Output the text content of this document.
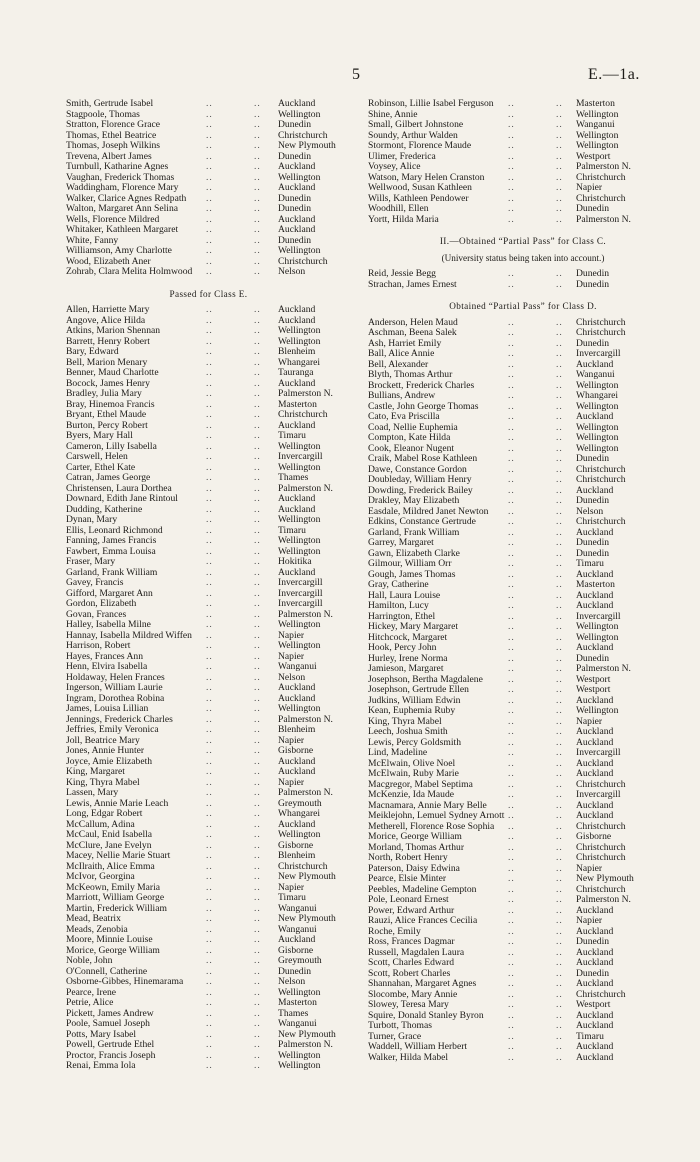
5	E.—1a.
Smith, Gertrude Isabel	..	.. Auckland
Stagpoole, Thomas	..	.. Wellington
Stratton, Florence Grace	..	.. Dunedin
Thomas, Ethel Beatrice	..	.. Christchurch
Thomas, Joseph Wilkins	..	.. New Plymouth
Trevena, Albert James	..	.. Dunedin
Turnbull, Katharine Agnes	..	.. Auckland
Vaughan, Frederick Thomas	..	.. Wellington
Waddingham, Florence Mary	..	.. Auckland
Walker, Clarice Agnes Redpath ..	.. Dunedin
Walton, Margaret Ann Selina	..	.. Dunedin
Wells, Florence Mildred	..	.. Auckland
Whitaker, Kathleen Margaret	..	.. Auckland
White, Fanny	..	.. Dunedin
Williamson, Amy Charlotte	..	.. Wellington
Wood, Elizabeth Aner	..	.. Christchurch
Zohrab, Clara Melita Holmwood ..	.. Nelson
Passed for Class E.
Allen, Harriette Mary	..	.. Auckland
Angove, Alice Hilda	..	.. Auckland
Atkins, Marion Shennan	..	.. Wellington
Barrett, Henry Robert	..	.. Wellington
Bary, Edward	..	.. Blenheim
Bell, Marion Menary	..	.. Whangarei
Benner, Maud Charlotte	..	.. Tauranga
Bocock, James Henry	..	.. Auckland
Bradley, Julia Mary	..	.. Palmerston N.
Bray, Hinemoa Francis	..	.. Masterton
Bryant, Ethel Maude	..	.. Christchurch
Burton, Percy Robert	..	.. Auckland
Byers, Mary Hall	..	.. Timaru
Cameron, Lilly Isabella	..	.. Wellington
Carswell, Helen	..	.. Invercargill
Carter, Ethel Kate	..	.. Wellington
Catran, James George	..	.. Thames
Christensen, Laura Dorthea	..	.. Palmerston N.
Downard, Edith Jane Rintoul	..	.. Auckland
Dudding, Katherine	..	.. Auckland
Dynan, Mary	..	.. Wellington
Ellis, Leonard Richmond	..	.. Timaru
Fanning, James Francis	..	.. Wellington
Fawbert, Emma Louisa	..	.. Wellington
Fraser, Mary	..	.. Hokitika
Garland, Frank William	..	.. Auckland
Gavey, Francis	..	.. Invercargill
Gifford, Margaret Ann	..	.. Invercargill
Gordon, Elizabeth	..	.. Invercargill
Govan, Frances	..	.. Palmerston N.
Halley, Isabella Milne	..	.. Wellington
Hannay, Isabella Mildred Wiffen ..	.. Napier
Harrison, Robert	..	.. Wellington
Hayes, Frances Ann	..	.. Napier
Henn, Elvira Isabella	..	.. Wanganui
Holdaway, Helen Frances	..	.. Nelson
Ingerson, William Laurie	..	.. Auckland
Ingram, Dorothea Robina	..	.. Auckland
James, Louisa Lillian	..	.. Wellington
Jennings, Frederick Charles	..	.. Palmerston N.
Jeffries, Emily Veronica	..	.. Blenheim
Joll, Beatrice Mary	..	.. Napier
Jones, Annie Hunter	..	.. Gisborne
Joyce, Amie Elizabeth	..	.. Auckland
King, Margaret	..	.. Auckland
King, Thyra Mabel	..	.. Napier
Lassen, Mary	..	.. Palmerston N.
Lewis, Annie Marie Leach	..	.. Greymouth
Long, Edgar Robert	..	.. Whangarei
McCallum, Adina	..	.. Auckland
McCaul, Enid Isabella	..	.. Wellington
McClure, Jane Evelyn	..	.. Gisborne
Macey, Nellie Marie Stuart	..	.. Blenheim
McIlraith, Alice Emma	..	.. Christchurch
McIvor, Georgina	..	.. New Plymouth
McKeown, Emily Maria	..	.. Napier
Marriott, William George	..	.. Timaru
Martin, Frederick William	..	.. Wanganui
Mead, Beatrix	..	.. New Plymouth
Meads, Zenobia	..	.. Wanganui
Moore, Minnie Louise	..	.. Auckland
Morice, George William	..	.. Gisborne
Noble, John	..	.. Greymouth
O'Connell, Catherine	..	.. Dunedin
Osborne-Gibbes, Hinemarama ..	.. Nelson
Pearce, Irene	..	.. Wellington
Petrie, Alice	..	.. Masterton
Pickett, James Andrew	..	.. Thames
Poole, Samuel Joseph	..	.. Wanganui
Potts, Mary Isabel	..	.. New Plymouth
Powell, Gertrude Ethel	..	.. Palmerston N.
Proctor, Francis Joseph	..	.. Wellington
Renai, Emma Iola	..	.. Wellington
Robinson, Lillie Isabel Ferguson ..	.. Masterton
Shine, Annie	..	.. Wellington
Small, Gilbert Johnstone	..	.. Wanganui
Soundy, Arthur Walden	..	.. Wellington
Stormont, Florence Maude	..	.. Wellington
Ulimer, Frederica	..	.. Westport
Voysey, Alice	..	.. Palmerston N.
Watson, Mary Helen Cranston ..	.. Christchurch
Wellwood, Susan Kathleen	..	.. Napier
Wills, Kathleen Pendower	..	.. Christchurch
Woodhill, Ellen	..	.. Dunedin
Yortt, Hilda Maria	..	.. Palmerston N.
II.—Obtained “Partial Pass” for Class C.
(University status being taken into account.)
Reid, Jessie Begg	..	.. Dunedin
Strachan, James Ernest	..	.. Dunedin
Obtained “Partial Pass” for Class D.
Anderson, Helen Maud	..	.. Christchurch
Aschman, Beena Salek	..	.. Christchurch
Ash, Harriet Emily	..	.. Dunedin
Ball, Alice Annie	..	.. Invercargill
Bell, Alexander	..	.. Auckland
Blyth, Thomas Arthur	..	.. Wanganui
Brockett, Frederick Charles	..	.. Wellington
Bullians, Andrew	..	.. Whangarei
Castle, John George Thomas	..	.. Wellington
Cato, Eva Priscilla	..	.. Auckland
Coad, Nellie Euphemia	..	.. Wellington
Compton, Kate Hilda	..	.. Wellington
Cook, Eleanor Nugent	..	.. Wellington
Craik, Mabel Rose Kathleen	..	.. Dunedin
Dawe, Constance Gordon	..	.. Christchurch
Doubleday, William Henry	..	.. Christchurch
Dowding, Frederick Bailey	..	.. Auckland
Drakley, May Elizabeth	..	.. Dunedin
Easdale, Mildred Janet Newton ..	.. Nelson
Edkins, Constance Gertrude	..	.. Christchurch
Garland, Frank William	..	.. Auckland
Garrey, Margaret	..	.. Dunedin
Gawn, Elizabeth Clarke	..	.. Dunedin
Gilmour, William Orr	..	.. Timaru
Gough, James Thomas	..	.. Auckland
Gray, Catherine	..	.. Masterton
Hall, Laura Louise	..	.. Auckland
Hamilton, Lucy	..	.. Auckland
Harrington, Ethel	..	.. Invercargill
Hickey, Mary Margaret	..	.. Wellington
Hitchcock, Margaret	..	.. Wellington
Hook, Percy John	..	.. Auckland
Hurley, Irene Norma	..	.. Dunedin
Jamieson, Margaret	..	.. Palmerston N.
Josephson, Bertha Magdalene	..	.. Westport
Josephson, Gertrude Ellen	..	.. Westport
Judkins, William Edwin	..	.. Auckland
Kean, Euphemia Ruby	..	.. Wellington
King, Thyra Mabel	..	.. Napier
Leech, Joshua Smith	..	.. Auckland
Lewis, Percy Goldsmith	..	.. Auckland
Lind, Madeline	..	.. Invercargill
McElwain, Olive Noel	..	.. Auckland
McElwain, Ruby Marie	..	.. Auckland
Macgregor, Mabel Septima	..	.. Christchurch
McKenzie, Ida Maude	..	.. Invercargill
Macnamara, Annie Mary Belle ..	.. Auckland
Meiklejohn, Lemuel Sydney Arnott ..	.. Auckland
Metherell, Florence Rose Sophia ..	.. Christchurch
Morice, George William	..	.. Gisborne
Morland, Thomas Arthur	..	.. Christchurch
North, Robert Henry	..	.. Christchurch
Paterson, Daisy Edwina	..	.. Napier
Pearce, Elsie Minter	..	.. New Plymouth
Peebles, Madeline Gempton	..	.. Christchurch
Pole, Leonard Ernest	..	.. Palmerston N.
Power, Edward Arthur	..	.. Auckland
Rauzi, Alice Frances Cecilia	..	.. Napier
Roche, Emily	..	.. Auckland
Ross, Frances Dagmar	..	.. Dunedin
Russell, Magdalen Laura	..	.. Auckland
Scott, Charles Edward	..	.. Auckland
Scott, Robert Charles	..	.. Dunedin
Shannahan, Margaret Agnes	..	.. Auckland
Slocombe, Mary Annie	..	.. Christchurch
Slowey, Teresa Mary	..	.. Westport
Squire, Donald Stanley Byron	..	.. Auckland
Turbott, Thomas	..	.. Auckland
Turner, Grace	..	.. Timaru
Waddell, William Herbert	..	.. Auckland
Walker, Hilda Mabel	..	.. Auckland
